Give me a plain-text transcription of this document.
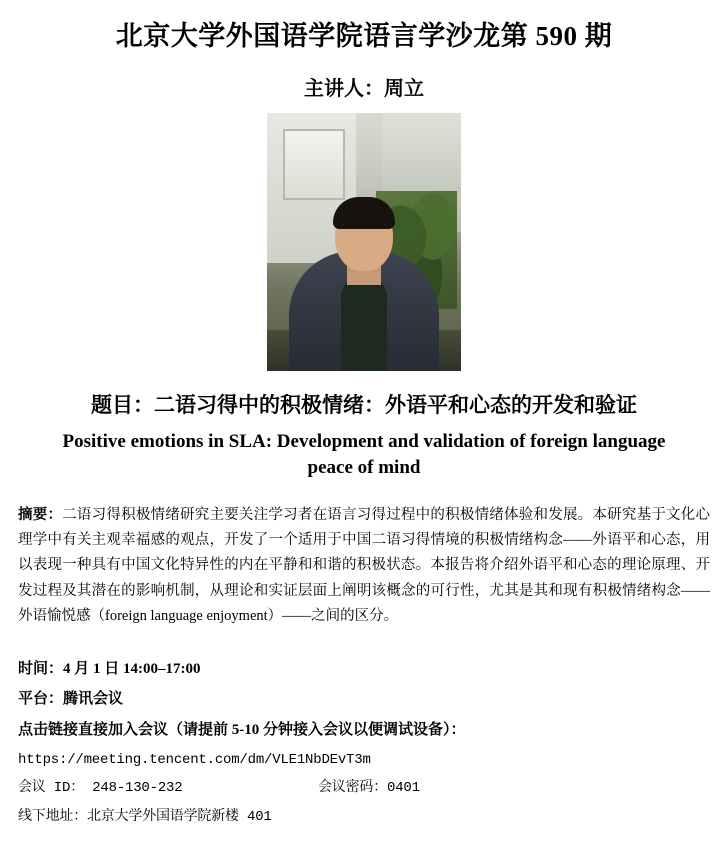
北京大学外国语学院语言学沙龙第 590 期
主讲人：周立
题目：二语习得中的积极情绪：外语平和心态的开发和验证
Positive emotions in SLA: Development and validation of foreign language peace of mind
摘要：二语习得积极情绪研究主要关注学习者在语言习得过程中的积极情绪体验和发展。本研究基于文化心理学中有关主观幸福感的观点，开发了一个适用于中国二语习得情境的积极情绪构念——外语平和心态，用以表现一种具有中国文化特异性的内在平静和和谐的积极状态。本报告将介绍外语平和心态的理论原理、开发过程及其潜在的影响机制，从理论和实证层面上阐明该概念的可行性，尤其是其和现有积极情绪构念——外语愉悦感（foreign language enjoyment）——之间的区分。
时间：4 月 1 日 14:00–17:00
平台：腾讯会议
点击链接直接加入会议（请提前 5-10 分钟接入会议以便调试设备）：
https://meeting.tencent.com/dm/VLE1NbDEvT3m
会议 ID： 248-130-232	会议密码：0401
线下地址：北京大学外国语学院新楼 401
